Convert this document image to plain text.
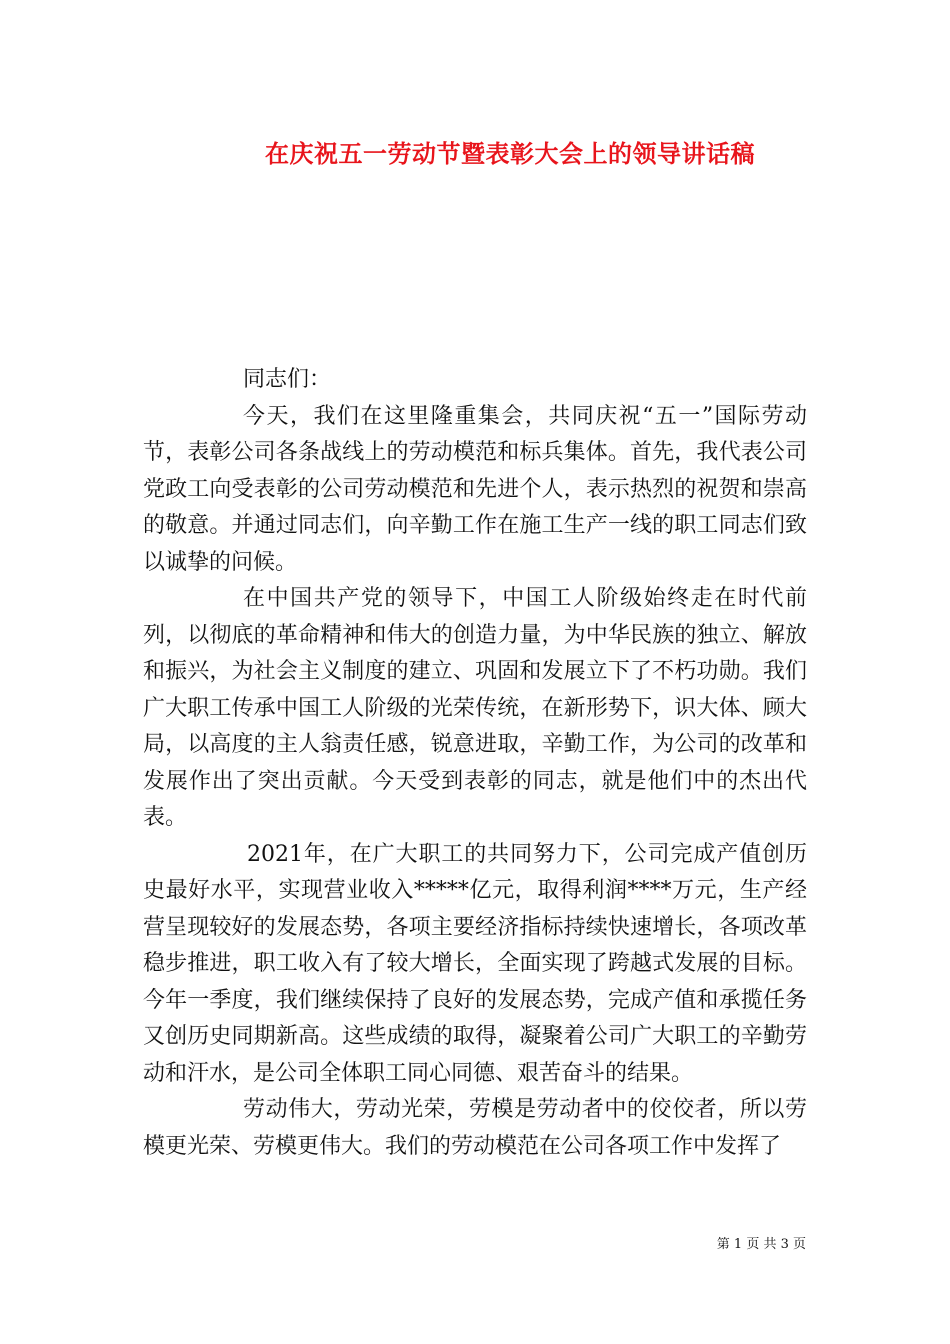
在庆祝五一劳动节暨表彰大会上的领导讲话稿

同志们：

今天，我们在这里隆重集会，共同庆祝“五一”国际劳动节，表彰公司各条战线上的劳动模范和标兵集体。首先，我代表公司党政工向受表彰的公司劳动模范和先进个人，表示热烈的祝贺和崇高的敬意。并通过同志们，向辛勤工作在施工生产一线的职工同志们致以诚挚的问候。

在中国共产党的领导下，中国工人阶级始终走在时代前列，以彻底的革命精神和伟大的创造力量，为中华民族的独立、解放和振兴，为社会主义制度的建立、巩固和发展立下了不朽功勋。我们广大职工传承中国工人阶级的光荣传统，在新形势下，识大体、顾大局，以高度的主人翁责任感，锐意进取，辛勤工作，为公司的改革和发展作出了突出贡献。今天受到表彰的同志，就是他们中的杰出代表。

2021年，在广大职工的共同努力下，公司完成产值创历史最好水平，实现营业收入*****亿元，取得利润****万元，生产经营呈现较好的发展态势，各项主要经济指标持续快速增长，各项改革稳步推进，职工收入有了较大增长，全面实现了跨越式发展的目标。今年一季度，我们继续保持了良好的发展态势，完成产值和承揽任务又创历史同期新高。这些成绩的取得，凝聚着公司广大职工的辛勤劳动和汗水，是公司全体职工同心同德、艰苦奋斗的结果。

劳动伟大，劳动光荣，劳模是劳动者中的佼佼者，所以劳模更光荣、劳模更伟大。我们的劳动模范在公司各项工作中发挥了

第 1 页 共 3 页
